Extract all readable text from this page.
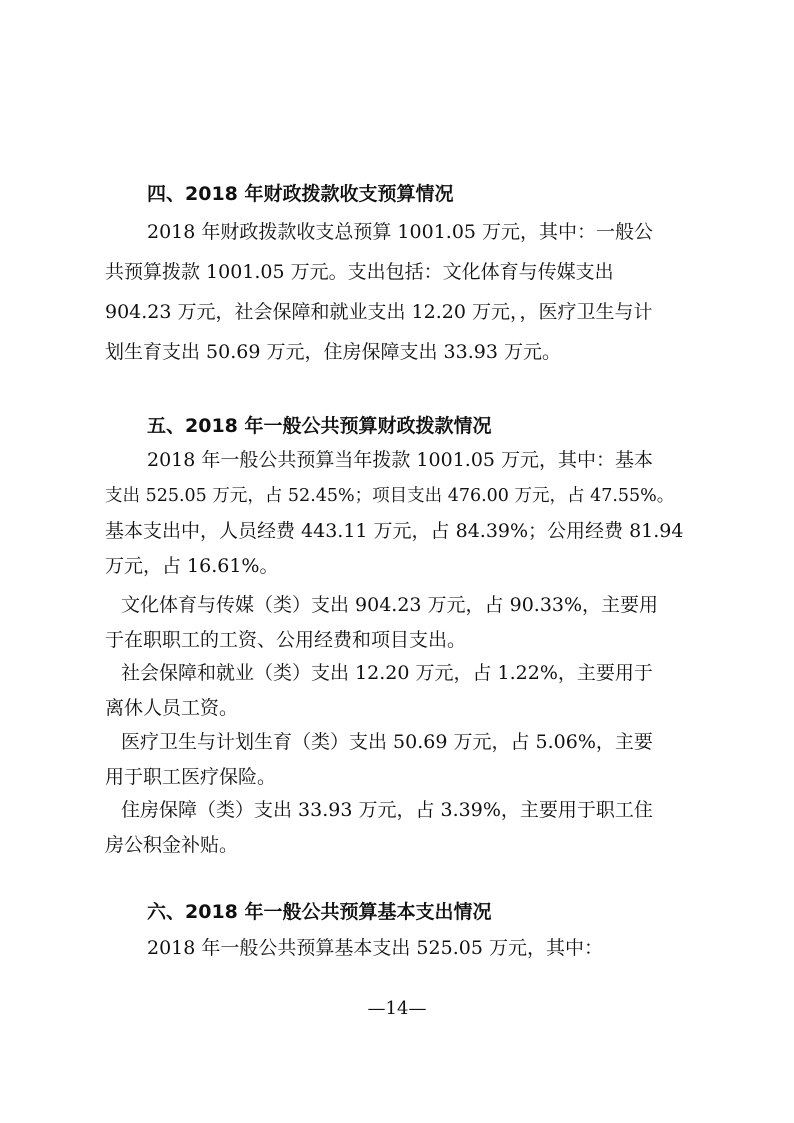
四、2018 年财政拨款收支预算情况
2018 年财政拨款收支总预算 1001.05 万元，其中：一般公
共预算拨款 1001.05 万元。支出包括：文化体育与传媒支出
904.23 万元，社会保障和就业支出 12.20 万元，，医疗卫生与计
划生育支出 50.69 万元，住房保障支出 33.93 万元。
五、2018 年一般公共预算财政拨款情况
2018 年一般公共预算当年拨款 1001.05 万元，其中：基本
支出 525.05 万元，占 52.45%；项目支出 476.00 万元，占 47.55%。
基本支出中，人员经费 443.11 万元，占 84.39%；公用经费 81.94
万元，占 16.61%。
文化体育与传媒（类）支出 904.23 万元，占 90.33%，主要用
于在职职工的工资、公用经费和项目支出。
社会保障和就业（类）支出 12.20 万元，占 1.22%，主要用于
离休人员工资。
医疗卫生与计划生育（类）支出 50.69 万元，占 5.06%，主要
用于职工医疗保险。
住房保障（类）支出 33.93 万元，占 3.39%，主要用于职工住
房公积金补贴。
六、2018 年一般公共预算基本支出情况
2018 年一般公共预算基本支出 525.05 万元，其中：
—14—
